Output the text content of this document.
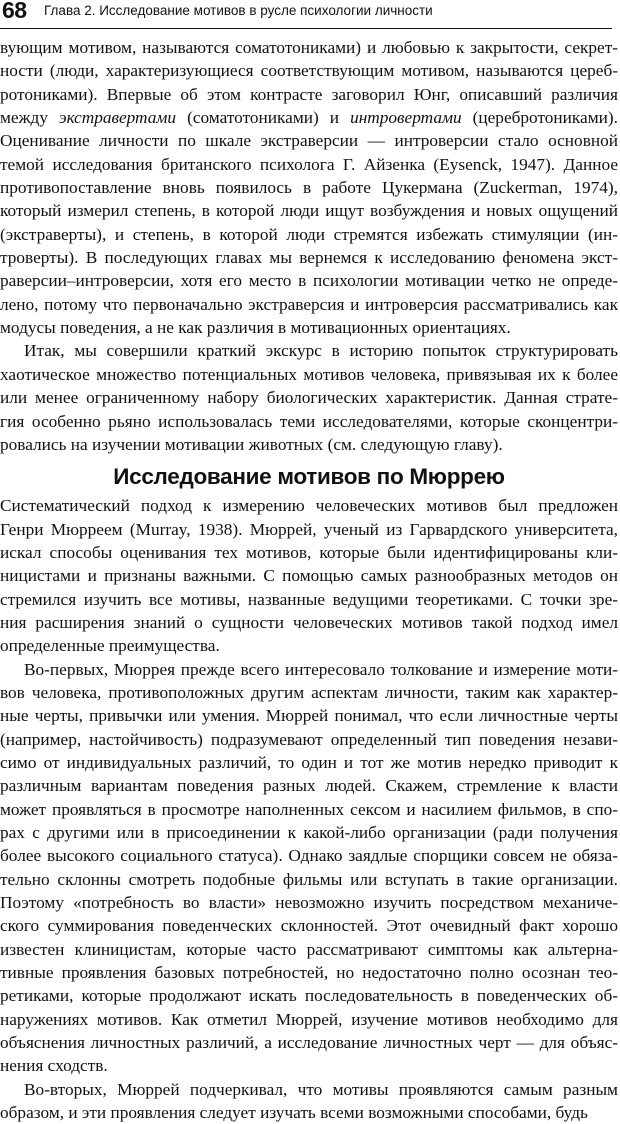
68 Глава 2. Исследование мотивов в русле психологии личности

вующим мотивом, называются соматотониками) и любовью к закрытости, секрет- ности (люди, характеризующиеся соответствующим мотивом, называются цереб- ротониками). Впервые об этом контрасте заговорил Юнг, описавший различия между экстравертами (соматотониками) и интровертами (церебротониками). Оценивание личности по шкале экстраверсии — интроверсии стало основной темой исследования британского психолога Г. Айзенка (Eysenck, 1947). Данное противопоставление вновь появилось в работе Цукермана (Zuckerman, 1974), который измерил степень, в которой люди ищут возбуждения и новых ощущений (экстраверты), и степень, в которой люди стремятся избежать стимуляции (ин- троверты). В последующих главах мы вернемся к исследованию феномена экст- раверсии–интроверсии, хотя его место в психологии мотивации четко не опреде- лено, потому что первоначально экстраверсия и интроверсия рассматривались как модусы поведения, а не как различия в мотивационных ориентациях.

Итак, мы совершили краткий экскурс в историю попыток структурировать хаотическое множество потенциальных мотивов человека, привязывая их к более или менее ограниченному набору биологических характеристик. Данная страте- гия особенно рьяно использовалась теми исследователями, которые сконцентри- ровались на изучении мотивации животных (см. следующую главу).

Исследование мотивов по Мюррею

Систематический подход к измерению человеческих мотивов был предложен Генри Мюрреем (Murray, 1938). Мюррей, ученый из Гарвардского университета, искал способы оценивания тех мотивов, которые были идентифицированы кли- ницистами и признаны важными. С помощью самых разнообразных методов он стремился изучить все мотивы, названные ведущими теоретиками. С точки зре- ния расширения знаний о сущности человеческих мотивов такой подход имел определенные преимущества.

Во-первых, Мюррея прежде всего интересовало толкование и измерение моти- вов человека, противоположных другим аспектам личности, таким как характер- ные черты, привычки или умения. Мюррей понимал, что если личностные черты (например, настойчивость) подразумевают определенный тип поведения незави- симо от индивидуальных различий, то один и тот же мотив нередко приводит к различным вариантам поведения разных людей. Скажем, стремление к власти может проявляться в просмотре наполненных сексом и насилием фильмов, в спо- рах с другими или в присоединении к какой-либо организации (ради получения более высокого социального статуса). Однако заядлые спорщики совсем не обяза- тельно склонны смотреть подобные фильмы или вступать в такие организации. Поэтому «потребность во власти» невозможно изучить посредством механиче- ского суммирования поведенческих склонностей. Этот очевидный факт хорошо известен клиницистам, которые часто рассматривают симптомы как альтерна- тивные проявления базовых потребностей, но недостаточно полно осознан тео- ретиками, которые продолжают искать последовательность в поведенческих об- наружениях мотивов. Как отметил Мюррей, изучение мотивов необходимо для объяснения личностных различий, а исследование личностных черт — для объяс- нения сходств.

Во-вторых, Мюррей подчеркивал, что мотивы проявляются самым разным образом, и эти проявления следует изучать всеми возможными способами, будь
